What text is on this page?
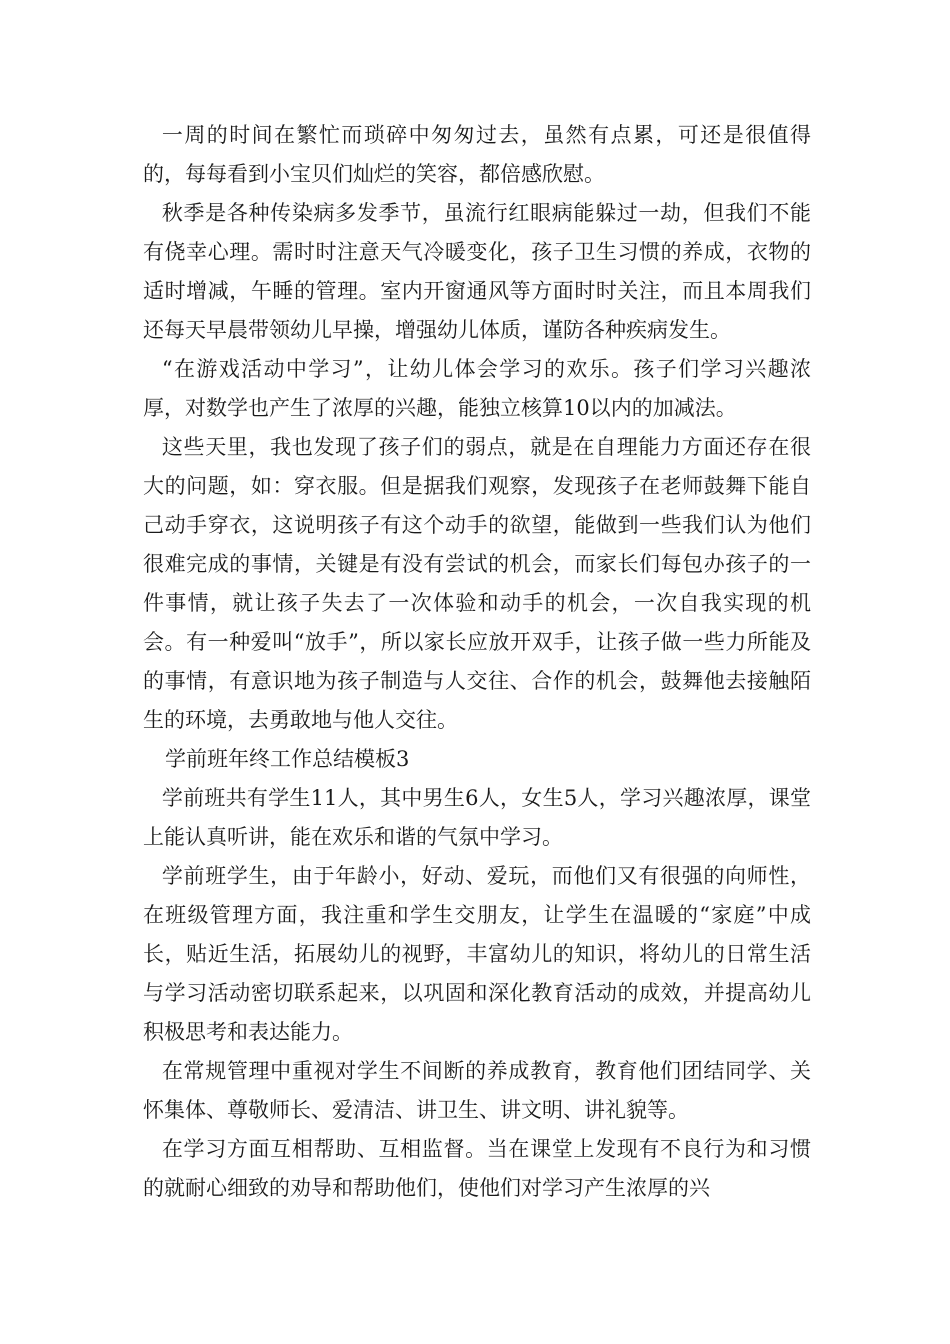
一周的时间在繁忙而琐碎中匆匆过去，虽然有点累，可还是很值得的，每每看到小宝贝们灿烂的笑容，都倍感欣慰。

秋季是各种传染病多发季节，虽流行红眼病能躲过一劫，但我们不能有侥幸心理。需时时注意天气冷暖变化，孩子卫生习惯的养成，衣物的适时增减，午睡的管理。室内开窗通风等方面时时关注，而且本周我们还每天早晨带领幼儿早操，增强幼儿体质，谨防各种疾病发生。

“在游戏活动中学习”，让幼儿体会学习的欢乐。孩子们学习兴趣浓厚，对数学也产生了浓厚的兴趣，能独立核算10以内的加减法。

这些天里，我也发现了孩子们的弱点，就是在自理能力方面还存在很大的问题，如：穿衣服。但是据我们观察，发现孩子在老师鼓舞下能自己动手穿衣，这说明孩子有这个动手的欲望，能做到一些我们认为他们很难完成的事情，关键是有没有尝试的机会，而家长们每包办孩子的一件事情，就让孩子失去了一次体验和动手的机会，一次自我实现的机会。有一种爱叫“放手”，所以家长应放开双手，让孩子做一些力所能及的事情，有意识地为孩子制造与人交往、合作的机会，鼓舞他去接触陌生的环境，去勇敢地与他人交往。

学前班年终工作总结模板3

学前班共有学生11人，其中男生6人，女生5人，学习兴趣浓厚，课堂上能认真听讲，能在欢乐和谐的气氛中学习。

学前班学生，由于年龄小，好动、爱玩，而他们又有很强的向师性，在班级管理方面，我注重和学生交朋友，让学生在温暖的“家庭”中成长，贴近生活，拓展幼儿的视野，丰富幼儿的知识，将幼儿的日常生活与学习活动密切联系起来，以巩固和深化教育活动的成效，并提高幼儿积极思考和表达能力。

在常规管理中重视对学生不间断的养成教育，教育他们团结同学、关怀集体、尊敬师长、爱清洁、讲卫生、讲文明、讲礼貌等。

在学习方面互相帮助、互相监督。当在课堂上发现有不良行为和习惯的就耐心细致的劝导和帮助他们，使他们对学习产生浓厚的兴
